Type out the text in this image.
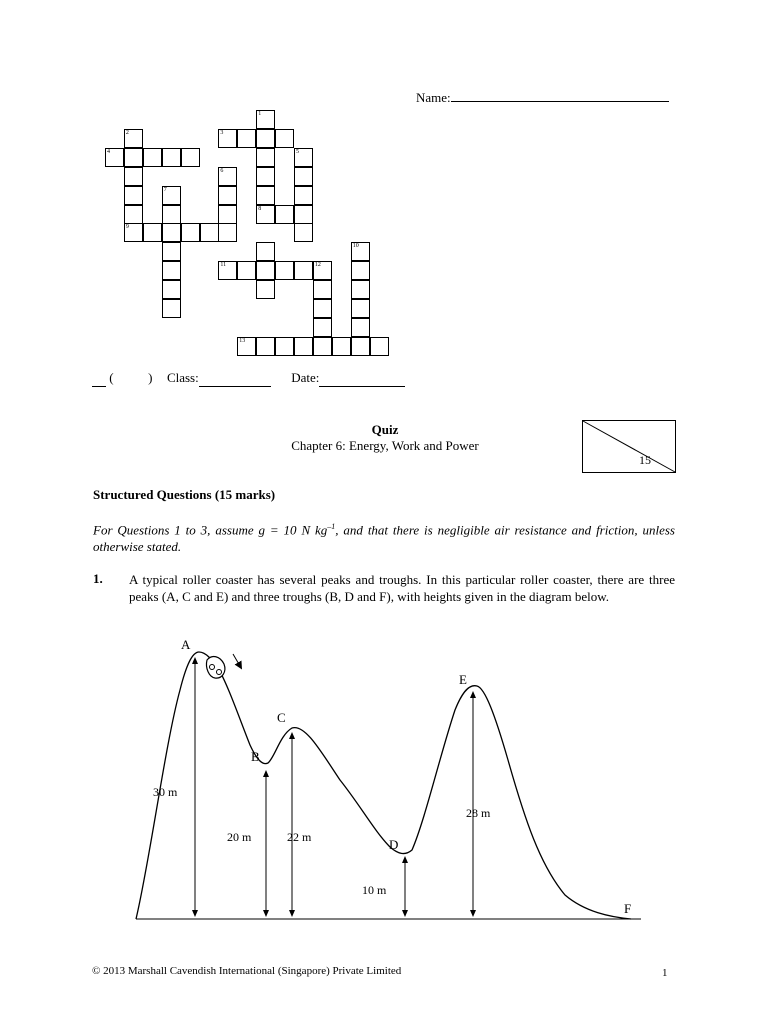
Name:
4
2
9
7
3
6
1
8
5
11	12
10
13
(	) Class:	Date:
Quiz
Chapter 6: Energy, Work and Power
15
Structured Questions (15 marks)
For Questions 1 to 3, assume g = 10 N $kg^{-1}$, and that there is negligible air resistance and friction, unless otherwise stated.
1. A typical roller coaster has several peaks and troughs. In this particular roller coaster, there are three peaks (A, C and E) and three troughs (B, D and F), with heights given in the diagram below.
A
B
C
D
E
F
30 m
20 m	22 m
10 m
28 m
© 2013 Marshall Cavendish International (Singapore) Private Limited	1
